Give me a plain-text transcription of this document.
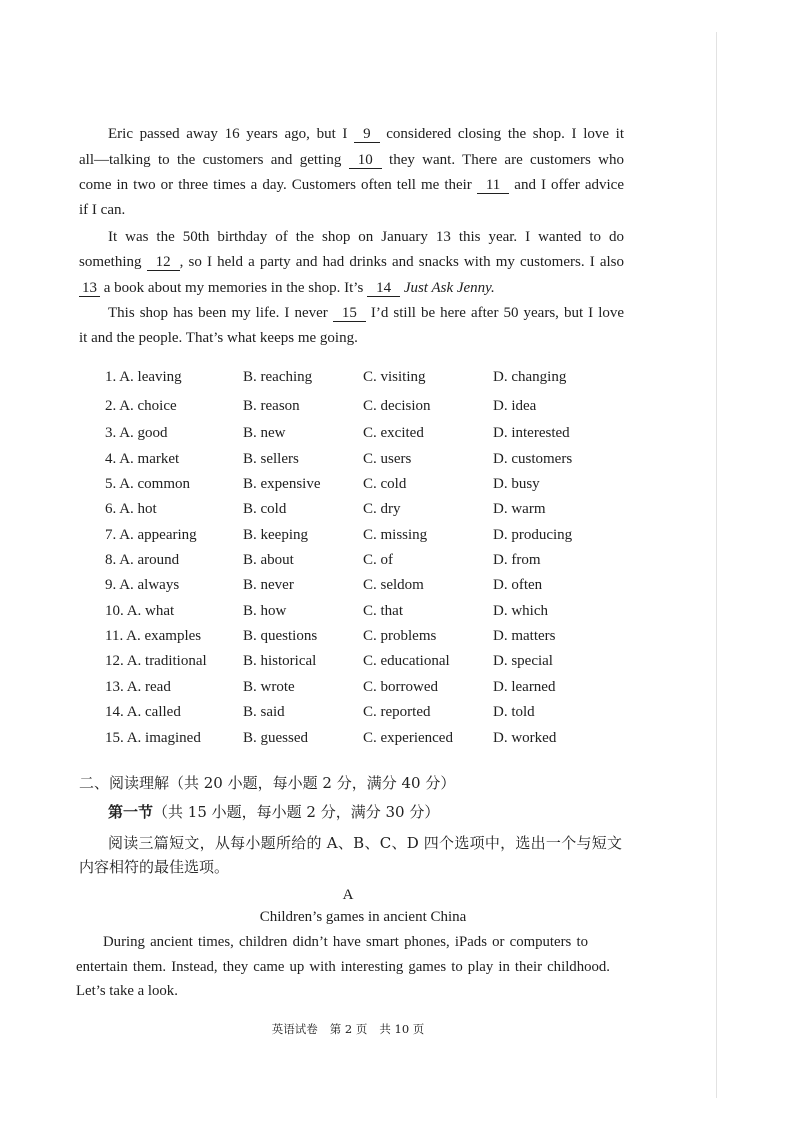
Eric passed away 16 years ago, but I 9 considered closing the shop. I love it
all—talking to the customers and getting 10 they want. There are customers who
come in two or three times a day. Customers often tell me their 11 and I offer advice
if I can.
It was the 50th birthday of the shop on January 13 this year. I wanted to do
something 12 , so I held a party and had drinks and snacks with my customers. I also
13 a book about my memories in the shop. It’s 14 Just Ask Jenny.
This shop has been my life. I never 15 I’d still be here after 50 years, but I love
it and the people. That’s what keeps me going.
1. A. leaving	B. reaching	C. visiting	D. changing
2. A. choice	B. reason	C. decision	D. idea
3. A. good	B. new	C. excited	D. interested
4. A. market	B. sellers	C. users	D. customers
5. A. common	B. expensive	C. cold	D. busy
6. A. hot	B. cold	C. dry	D. warm
7. A. appearing	B. keeping	C. missing	D. producing
8. A. around	B. about	C. of	D. from
9. A. always	B. never	C. seldom	D. often
10. A. what	B. how	C. that	D. which
11. A. examples	B. questions	C. problems	D. matters
12. A. traditional B. historical	C. educational	D. special
13. A. read	B. wrote	C. borrowed	D. learned
14. A. called	B. said	C. reported	D. told
15. A. imagined	B. guessed	C. experienced	D. worked
二、阅读理解（共 20 小题，每小题 2 分，满分 40 分）
第一节（共 15 小题，每小题 2 分，满分 30 分）
阅读三篇短文，从每小题所给的 A、B、C、D 四个选项中，选出一个与短文
内容相符的最佳选项。
A
Children’s games in ancient China
During ancient times, children didn’t have smart phones, iPads or computers to
entertain them. Instead, they came up with interesting games to play in their childhood.
Let’s take a look.
英语试卷 第 2 页 共 10 页
